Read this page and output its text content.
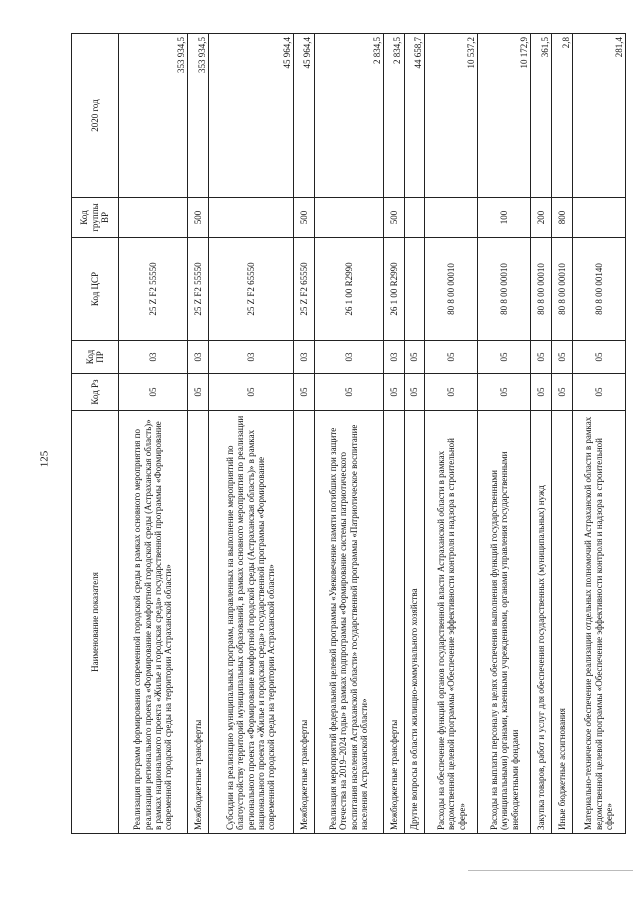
125
Наименование показателя	Код Рз	Код ПР	Код ЦСР	Код группы ВР	2020 год
Реализация программ формирования современной городской среды в рамках основного мероприятия по реализации регионального проекта «Формирование комфортной городской среды (Астраханская область)» в рамках национального проекта «Жилье и городская среда» государственной программы «Формирование современной городской среды на территории Астраханской области»	05	03	25 Z F2 55550		353 934,5
Межбюджетные трансферты	05	03	25 Z F2 55550	500	353 934,5
Субсидии на реализацию муниципальных программ, направленных на выполнение мероприятий по благоустройству территорий муниципальных образований, в рамках основного мероприятия по реализации регионального проекта «Формирование комфортной городской среды (Астраханская область)» в рамках национального проекта «Жилье и городская среда» государственной программы «Формирование современной городской среды на территории Астраханской области»	05	03	25 Z F2 65550		45 964,4
Межбюджетные трансферты	05	03	25 Z F2 65550	500	45 964,4
Реализация мероприятий федеральной целевой программы «Увековечение памяти погибших при защите Отечества на 2019–2024 годы» в рамках подпрограммы «Формирование системы патриотического воспитания населения Астраханской области» государственной программы «Патриотическое воспитание населения Астраханской области»	05	03	26 1 00 R2990		2 834,5
Межбюджетные трансферты	05	03	26 1 00 R2990	500	2 834,5
Другие вопросы в области жилищно-коммунального хозяйства	05	05			44 658,7
Расходы на обеспечение функций органов государственной власти Астраханской области в рамках ведомственной целевой программы «Обеспечение эффективности контроля и надзора в строительной сфере»	05	05	80 8 00 00010		10 537,2
Расходы на выплаты персоналу в целях обеспечения выполнения функций государственными (муниципальными) органами, казенными учреждениями, органами управления государственными внебюджетными фондами	05	05	80 8 00 00010	100	10 172,9
Закупка товаров, работ и услуг для обеспечения государственных (муниципальных) нужд	05	05	80 8 00 00010	200	361,5
Иные бюджетные ассигнования	05	05	80 8 00 00010	800	2,8
Материально-техническое обеспечение реализации отдельных полномочий Астраханской области в рамках ведомственной целевой программы «Обеспечение эффективности контроля и надзора в строительной сфере»	05	05	80 8 00 00140		281,4
